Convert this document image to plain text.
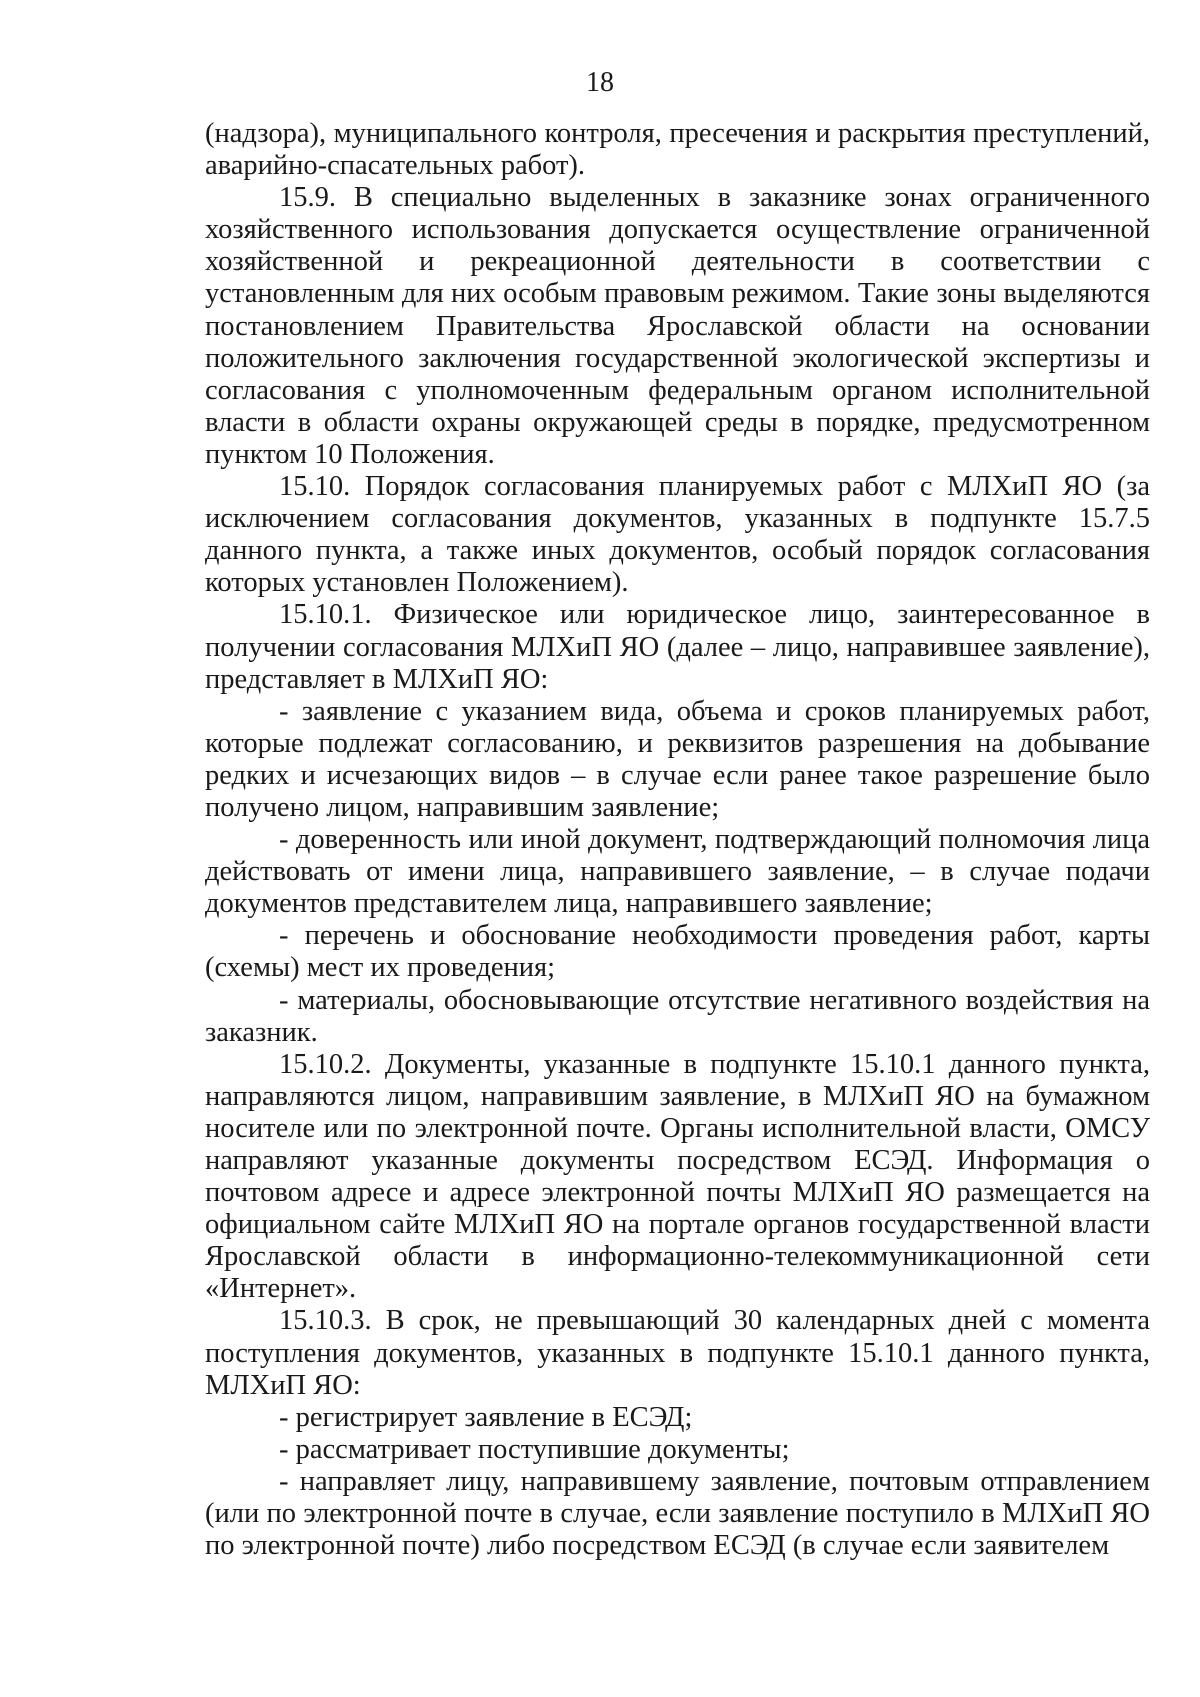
18

(надзора), муниципального контроля, пресечения и раскрытия преступлений, аварийно-спасательных работ).

15.9. В специально выделенных в заказнике зонах ограниченного хозяйственного использования допускается осуществление ограниченной хозяйственной и рекреационной деятельности в соответствии с установленным для них особым правовым режимом. Такие зоны выделяются постановлением Правительства Ярославской области на основании положительного заключения государственной экологической экспертизы и согласования с уполномоченным федеральным органом исполнительной власти в области охраны окружающей среды в порядке, предусмотренном пунктом 10 Положения.

15.10. Порядок согласования планируемых работ с МЛХиП ЯО (за исключением согласования документов, указанных в подпункте 15.7.5 данного пункта, а также иных документов, особый порядок согласования которых установлен Положением).

15.10.1. Физическое или юридическое лицо, заинтересованное в получении согласования МЛХиП ЯО (далее – лицо, направившее заявление), представляет в МЛХиП ЯО:

- заявление с указанием вида, объема и сроков планируемых работ, которые подлежат согласованию, и реквизитов разрешения на добывание редких и исчезающих видов – в случае если ранее такое разрешение было получено лицом, направившим заявление;

- доверенность или иной документ, подтверждающий полномочия лица действовать от имени лица, направившего заявление, – в случае подачи документов представителем лица, направившего заявление;

- перечень и обоснование необходимости проведения работ, карты (схемы) мест их проведения;

- материалы, обосновывающие отсутствие негативного воздействия на заказник.

15.10.2. Документы, указанные в подпункте 15.10.1 данного пункта, направляются лицом, направившим заявление, в МЛХиП ЯО на бумажном носителе или по электронной почте. Органы исполнительной власти, ОМСУ направляют указанные документы посредством ЕСЭД. Информация о почтовом адресе и адресе электронной почты МЛХиП ЯО размещается на официальном сайте МЛХиП ЯО на портале органов государственной власти Ярославской области в информационно-телекоммуникационной сети «Интернет».

15.10.3. В срок, не превышающий 30 календарных дней с момента поступления документов, указанных в подпункте 15.10.1 данного пункта, МЛХиП ЯО:

- регистрирует заявление в ЕСЭД;

- рассматривает поступившие документы;

- направляет лицу, направившему заявление, почтовым отправлением (или по электронной почте в случае, если заявление поступило в МЛХиП ЯО по электронной почте) либо посредством ЕСЭД (в случае если заявителем
